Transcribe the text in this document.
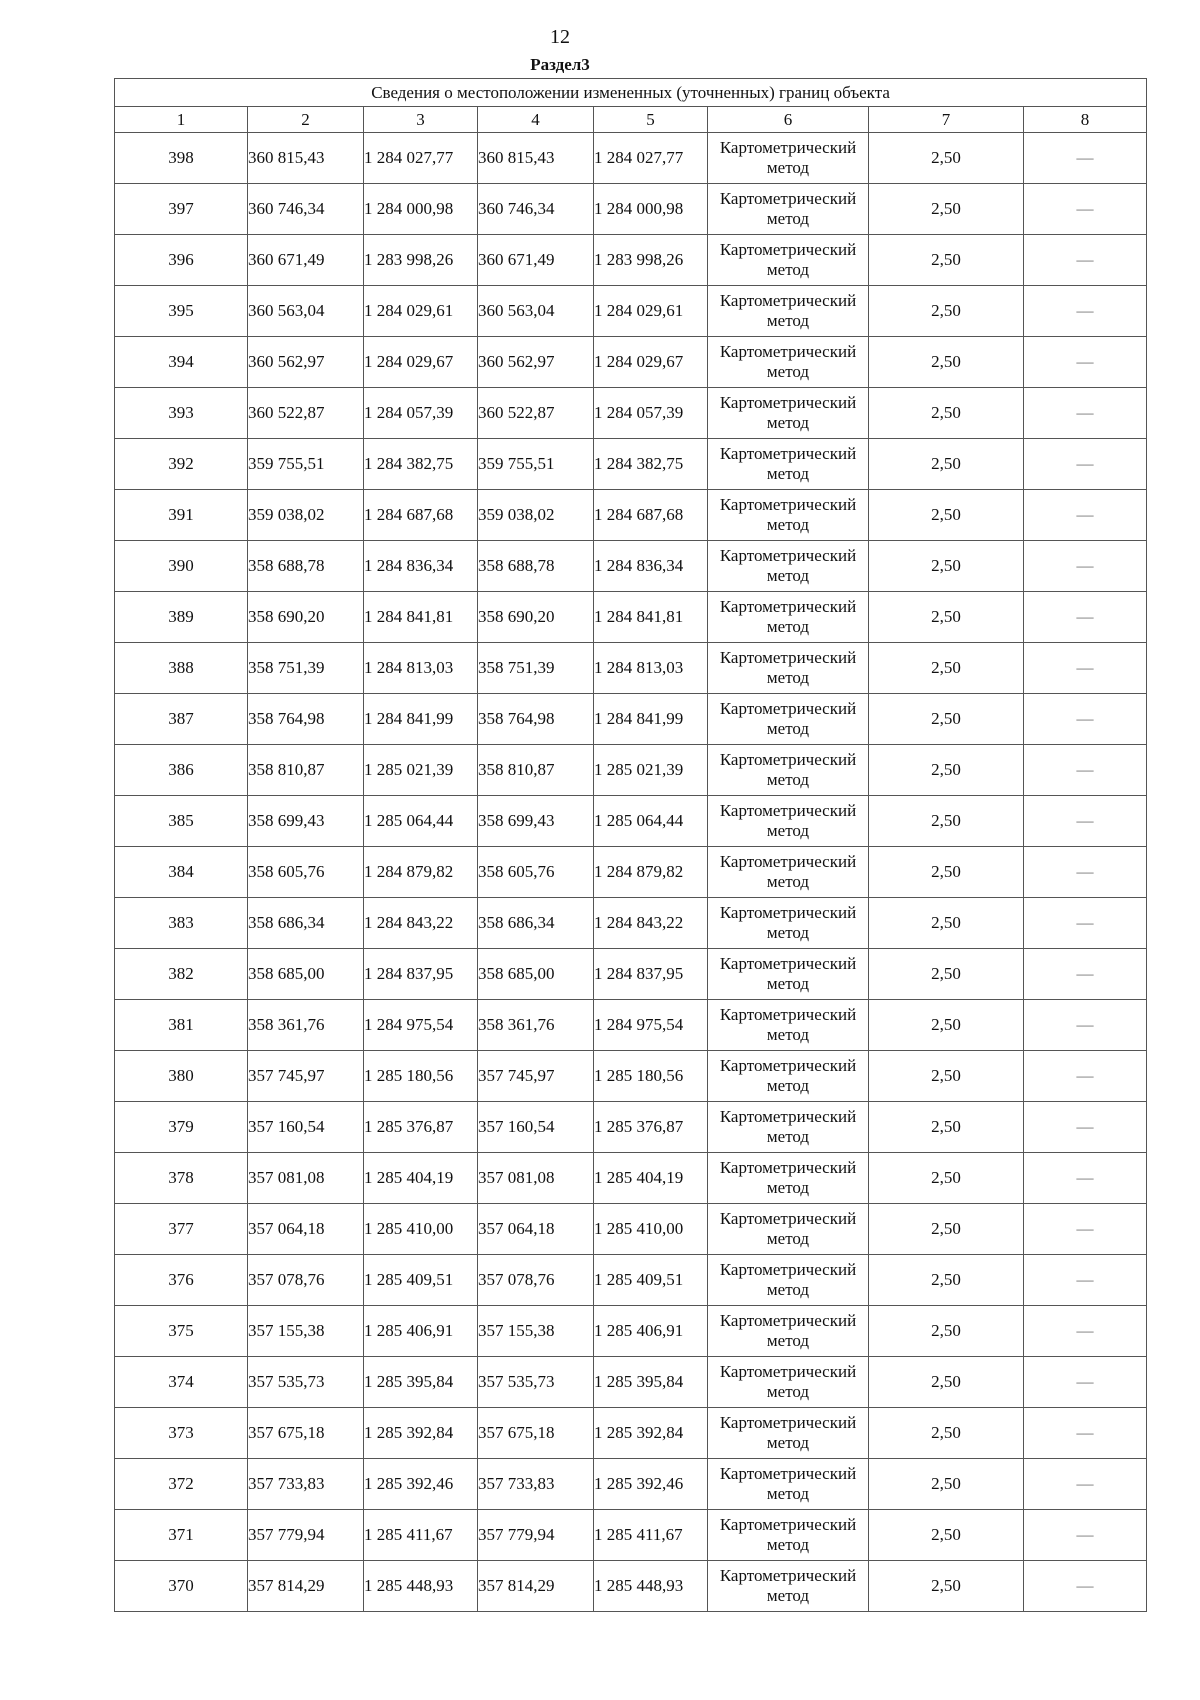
12
Раздел3
Сведения о местоположении измененных (уточненных) границ объекта							
1	2	3	4	5	6	7	8
398	360 815,43	1 284 027,77	360 815,43	1 284 027,77	Картометрический метод	2,50	—
397	360 746,34	1 284 000,98	360 746,34	1 284 000,98	Картометрический метод	2,50	—
396	360 671,49	1 283 998,26	360 671,49	1 283 998,26	Картометрический метод	2,50	—
395	360 563,04	1 284 029,61	360 563,04	1 284 029,61	Картометрический метод	2,50	—
394	360 562,97	1 284 029,67	360 562,97	1 284 029,67	Картометрический метод	2,50	—
393	360 522,87	1 284 057,39	360 522,87	1 284 057,39	Картометрический метод	2,50	—
392	359 755,51	1 284 382,75	359 755,51	1 284 382,75	Картометрический метод	2,50	—
391	359 038,02	1 284 687,68	359 038,02	1 284 687,68	Картометрический метод	2,50	—
390	358 688,78	1 284 836,34	358 688,78	1 284 836,34	Картометрический метод	2,50	—
389	358 690,20	1 284 841,81	358 690,20	1 284 841,81	Картометрический метод	2,50	—
388	358 751,39	1 284 813,03	358 751,39	1 284 813,03	Картометрический метод	2,50	—
387	358 764,98	1 284 841,99	358 764,98	1 284 841,99	Картометрический метод	2,50	—
386	358 810,87	1 285 021,39	358 810,87	1 285 021,39	Картометрический метод	2,50	—
385	358 699,43	1 285 064,44	358 699,43	1 285 064,44	Картометрический метод	2,50	—
384	358 605,76	1 284 879,82	358 605,76	1 284 879,82	Картометрический метод	2,50	—
383	358 686,34	1 284 843,22	358 686,34	1 284 843,22	Картометрический метод	2,50	—
382	358 685,00	1 284 837,95	358 685,00	1 284 837,95	Картометрический метод	2,50	—
381	358 361,76	1 284 975,54	358 361,76	1 284 975,54	Картометрический метод	2,50	—
380	357 745,97	1 285 180,56	357 745,97	1 285 180,56	Картометрический метод	2,50	—
379	357 160,54	1 285 376,87	357 160,54	1 285 376,87	Картометрический метод	2,50	—
378	357 081,08	1 285 404,19	357 081,08	1 285 404,19	Картометрический метод	2,50	—
377	357 064,18	1 285 410,00	357 064,18	1 285 410,00	Картометрический метод	2,50	—
376	357 078,76	1 285 409,51	357 078,76	1 285 409,51	Картометрический метод	2,50	—
375	357 155,38	1 285 406,91	357 155,38	1 285 406,91	Картометрический метод	2,50	—
374	357 535,73	1 285 395,84	357 535,73	1 285 395,84	Картометрический метод	2,50	—
373	357 675,18	1 285 392,84	357 675,18	1 285 392,84	Картометрический метод	2,50	—
372	357 733,83	1 285 392,46	357 733,83	1 285 392,46	Картометрический метод	2,50	—
371	357 779,94	1 285 411,67	357 779,94	1 285 411,67	Картометрический метод	2,50	—
370	357 814,29	1 285 448,93	357 814,29	1 285 448,93	Картометрический метод	2,50	—
